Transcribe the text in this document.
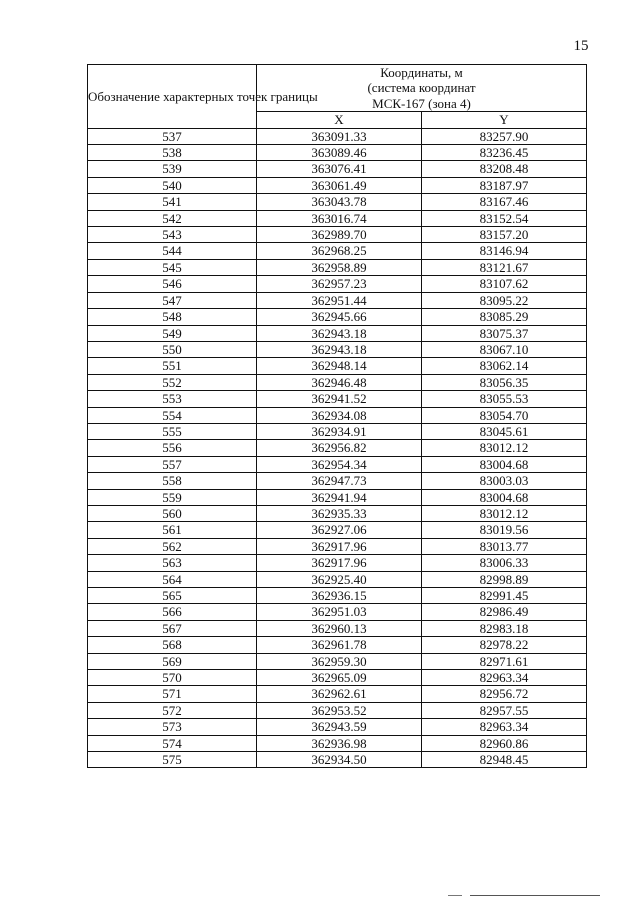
15
Обозначение характерных точек границы	Координаты, м
(система координат
МСК-167 (зона 4)	

	X	Y
537	363091.33	83257.90
538	363089.46	83236.45
539	363076.41	83208.48
540	363061.49	83187.97
541	363043.78	83167.46
542	363016.74	83152.54
543	362989.70	83157.20
544	362968.25	83146.94
545	362958.89	83121.67
546	362957.23	83107.62
547	362951.44	83095.22
548	362945.66	83085.29
549	362943.18	83075.37
550	362943.18	83067.10
551	362948.14	83062.14
552	362946.48	83056.35
553	362941.52	83055.53
554	362934.08	83054.70
555	362934.91	83045.61
556	362956.82	83012.12
557	362954.34	83004.68
558	362947.73	83003.03
559	362941.94	83004.68
560	362935.33	83012.12
561	362927.06	83019.56
562	362917.96	83013.77
563	362917.96	83006.33
564	362925.40	82998.89
565	362936.15	82991.45
566	362951.03	82986.49
567	362960.13	82983.18
568	362961.78	82978.22
569	362959.30	82971.61
570	362965.09	82963.34
571	362962.61	82956.72
572	362953.52	82957.55
573	362943.59	82963.34
574	362936.98	82960.86
575	362934.50	82948.45
